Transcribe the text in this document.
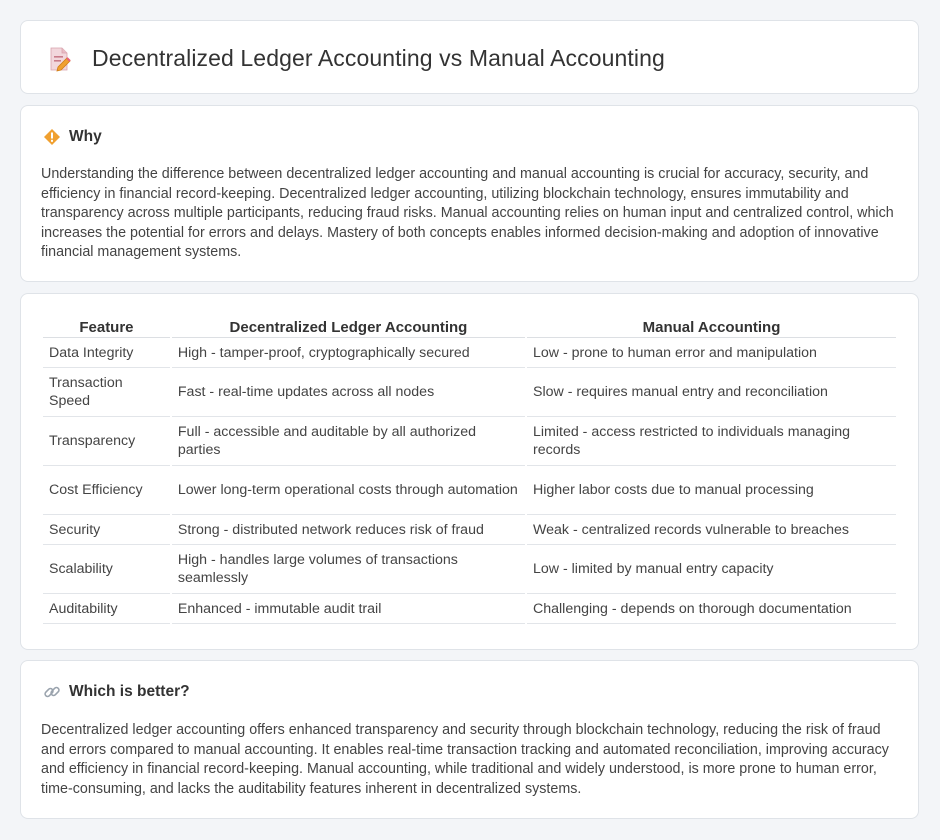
Decentralized Ledger Accounting vs Manual Accounting
Why

Understanding the difference between decentralized ledger accounting and manual accounting is crucial for accuracy, security, and efficiency in financial record-keeping. Decentralized ledger accounting, utilizing blockchain technology, ensures immutability and transparency across multiple participants, reducing fraud risks. Manual accounting relies on human input and centralized control, which increases the potential for errors and delays. Mastery of both concepts enables informed decision-making and adoption of innovative financial management systems.

Feature	Decentralized Ledger Accounting	Manual Accounting
Data Integrity	High - tamper-proof, cryptographically secured	Low - prone to human error and manipulation
Transaction Speed	Fast - real-time updates across all nodes	Slow - requires manual entry and reconciliation
Transparency	Full - accessible and auditable by all authorized parties	Limited - access restricted to individuals managing records
Cost Efficiency	Lower long-term operational costs through automation	Higher labor costs due to manual processing
Security	Strong - distributed network reduces risk of fraud	Weak - centralized records vulnerable to breaches
Scalability	High - handles large volumes of transactions seamlessly	Low - limited by manual entry capacity
Auditability	Enhanced - immutable audit trail	Challenging - depends on thorough documentation
Which is better?

Decentralized ledger accounting offers enhanced transparency and security through blockchain technology, reducing the risk of fraud and errors compared to manual accounting. It enables real-time transaction tracking and automated reconciliation, improving accuracy and efficiency in financial record-keeping. Manual accounting, while traditional and widely understood, is more prone to human error, time-consuming, and lacks the auditability features inherent in decentralized systems.
